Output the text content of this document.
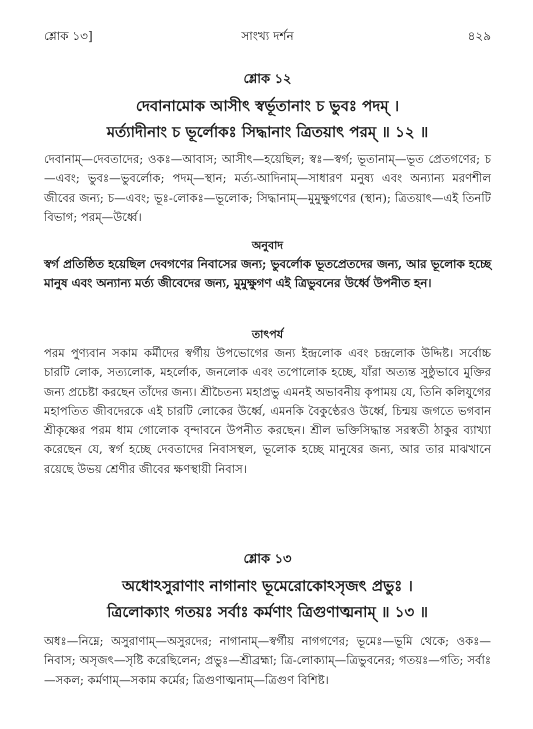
শ্লোক ১৩]	সাংখ্য দর্শন	৪২৯
শ্লোক ১২
দেবানামোক আসীৎ স্বর্ভূতানাং চ ভুবঃ পদম্‌ ।
মর্ত্যাদীনাং চ ভূর্লোকঃ সিদ্ধানাং ত্রিতয়াৎ পরম্‌ ॥ ১২ ॥
দেবানাম্‌—দেবতাদের; ওকঃ—আবাস; আসীৎ—হয়েছিল; স্বঃ—স্বর্গ; ভূতানাম্‌—ভূত প্রেতগণের; চ—এবং; ভুবঃ—ভুবর্লোক; পদম্‌—স্থান; মর্ত্য-আদিনাম্‌—সাধারণ মনুষ্য এবং অন্যান্য মরণশীল জীবের জন্য; চ—এবং; ভূঃ-লোকঃ—ভূলোক; সিদ্ধানাম্‌—মুমুক্ষুগণের (স্থান); ত্রিতয়াৎ—এই তিনটি বিভাগ; পরম্‌—উর্ধ্বে।
অনুবাদ
স্বর্গ প্রতিষ্ঠিত হয়েছিল দেবগণের নিবাসের জন্য; ভুবর্লোক ভূতপ্রেতদের জন্য, আর ভূলোক হচ্ছে মানুষ এবং অন্যান্য মর্ত্য জীবেদের জন্য, মুমুক্ষুগণ এই ত্রিভুবনের উর্ধ্বে উপনীত হন।
তাৎপর্য
পরম পুণ্যবান সকাম কর্মীদের স্বর্গীয় উপভোগের জন্য ইন্দ্রলোক এবং চন্দ্রলোক উদ্দিষ্ট। সর্বোচ্চ চারটি লোক, সত্যলোক, মহর্লোক, জনলোক এবং তপোলোক হচ্ছে, যাঁরা অত্যন্ত সুষ্ঠুভাবে মুক্তির জন্য প্রচেষ্টা করছেন তাঁদের জন্য। শ্রীচৈতন্য মহাপ্রভু এমনই অভাবনীয় কৃপাময় যে, তিনি কলিযুগের মহাপতিত জীবদেরকে এই চারটি লোকের উর্ধ্বে, এমনকি বৈকুণ্ঠেরও উর্ধ্বে, চিন্ময় জগতে ভগবান শ্রীকৃষ্ণের পরম ধাম গোলোক বৃন্দাবনে উপনীত করছেন। শ্রীল ভক্তিসিদ্ধান্ত সরস্বতী ঠাকুর ব্যাখ্যা করেছেন যে, স্বর্গ হচ্ছে দেবতাদের নিবাসস্থল, ভূলোক হচ্ছে মানুষের জন্য, আর তার মাঝখানে রয়েছে উভয় শ্রেণীর জীবের ক্ষণস্থায়ী নিবাস।
শ্লোক ১৩
অধোঽসুরাণাং নাগানাং ভূমেরোকোঽসৃজৎ প্রভুঃ ।
ত্রিলোক্যাং গতয়ঃ সর্বাঃ কর্মণাং ত্রিগুণাত্মনাম্‌ ॥ ১৩ ॥
অধঃ—নিম্নে; অসুরাণাম্‌—অসুরদের; নাগানাম্‌—স্বর্গীয় নাগগণের; ভূমেঃ—ভূমি থেকে; ওকঃ—নিবাস; অসৃজৎ—সৃষ্টি করেছিলেন; প্রভুঃ—শ্রীব্রহ্মা; ত্রি-লোক্যাম্‌—ত্রিভুবনের; গতয়ঃ—গতি; সর্বাঃ—সকল; কর্মণাম্‌—সকাম কর্মের; ত্রিগুণাত্মনাম্‌—ত্রিগুণ বিশিষ্ট।
